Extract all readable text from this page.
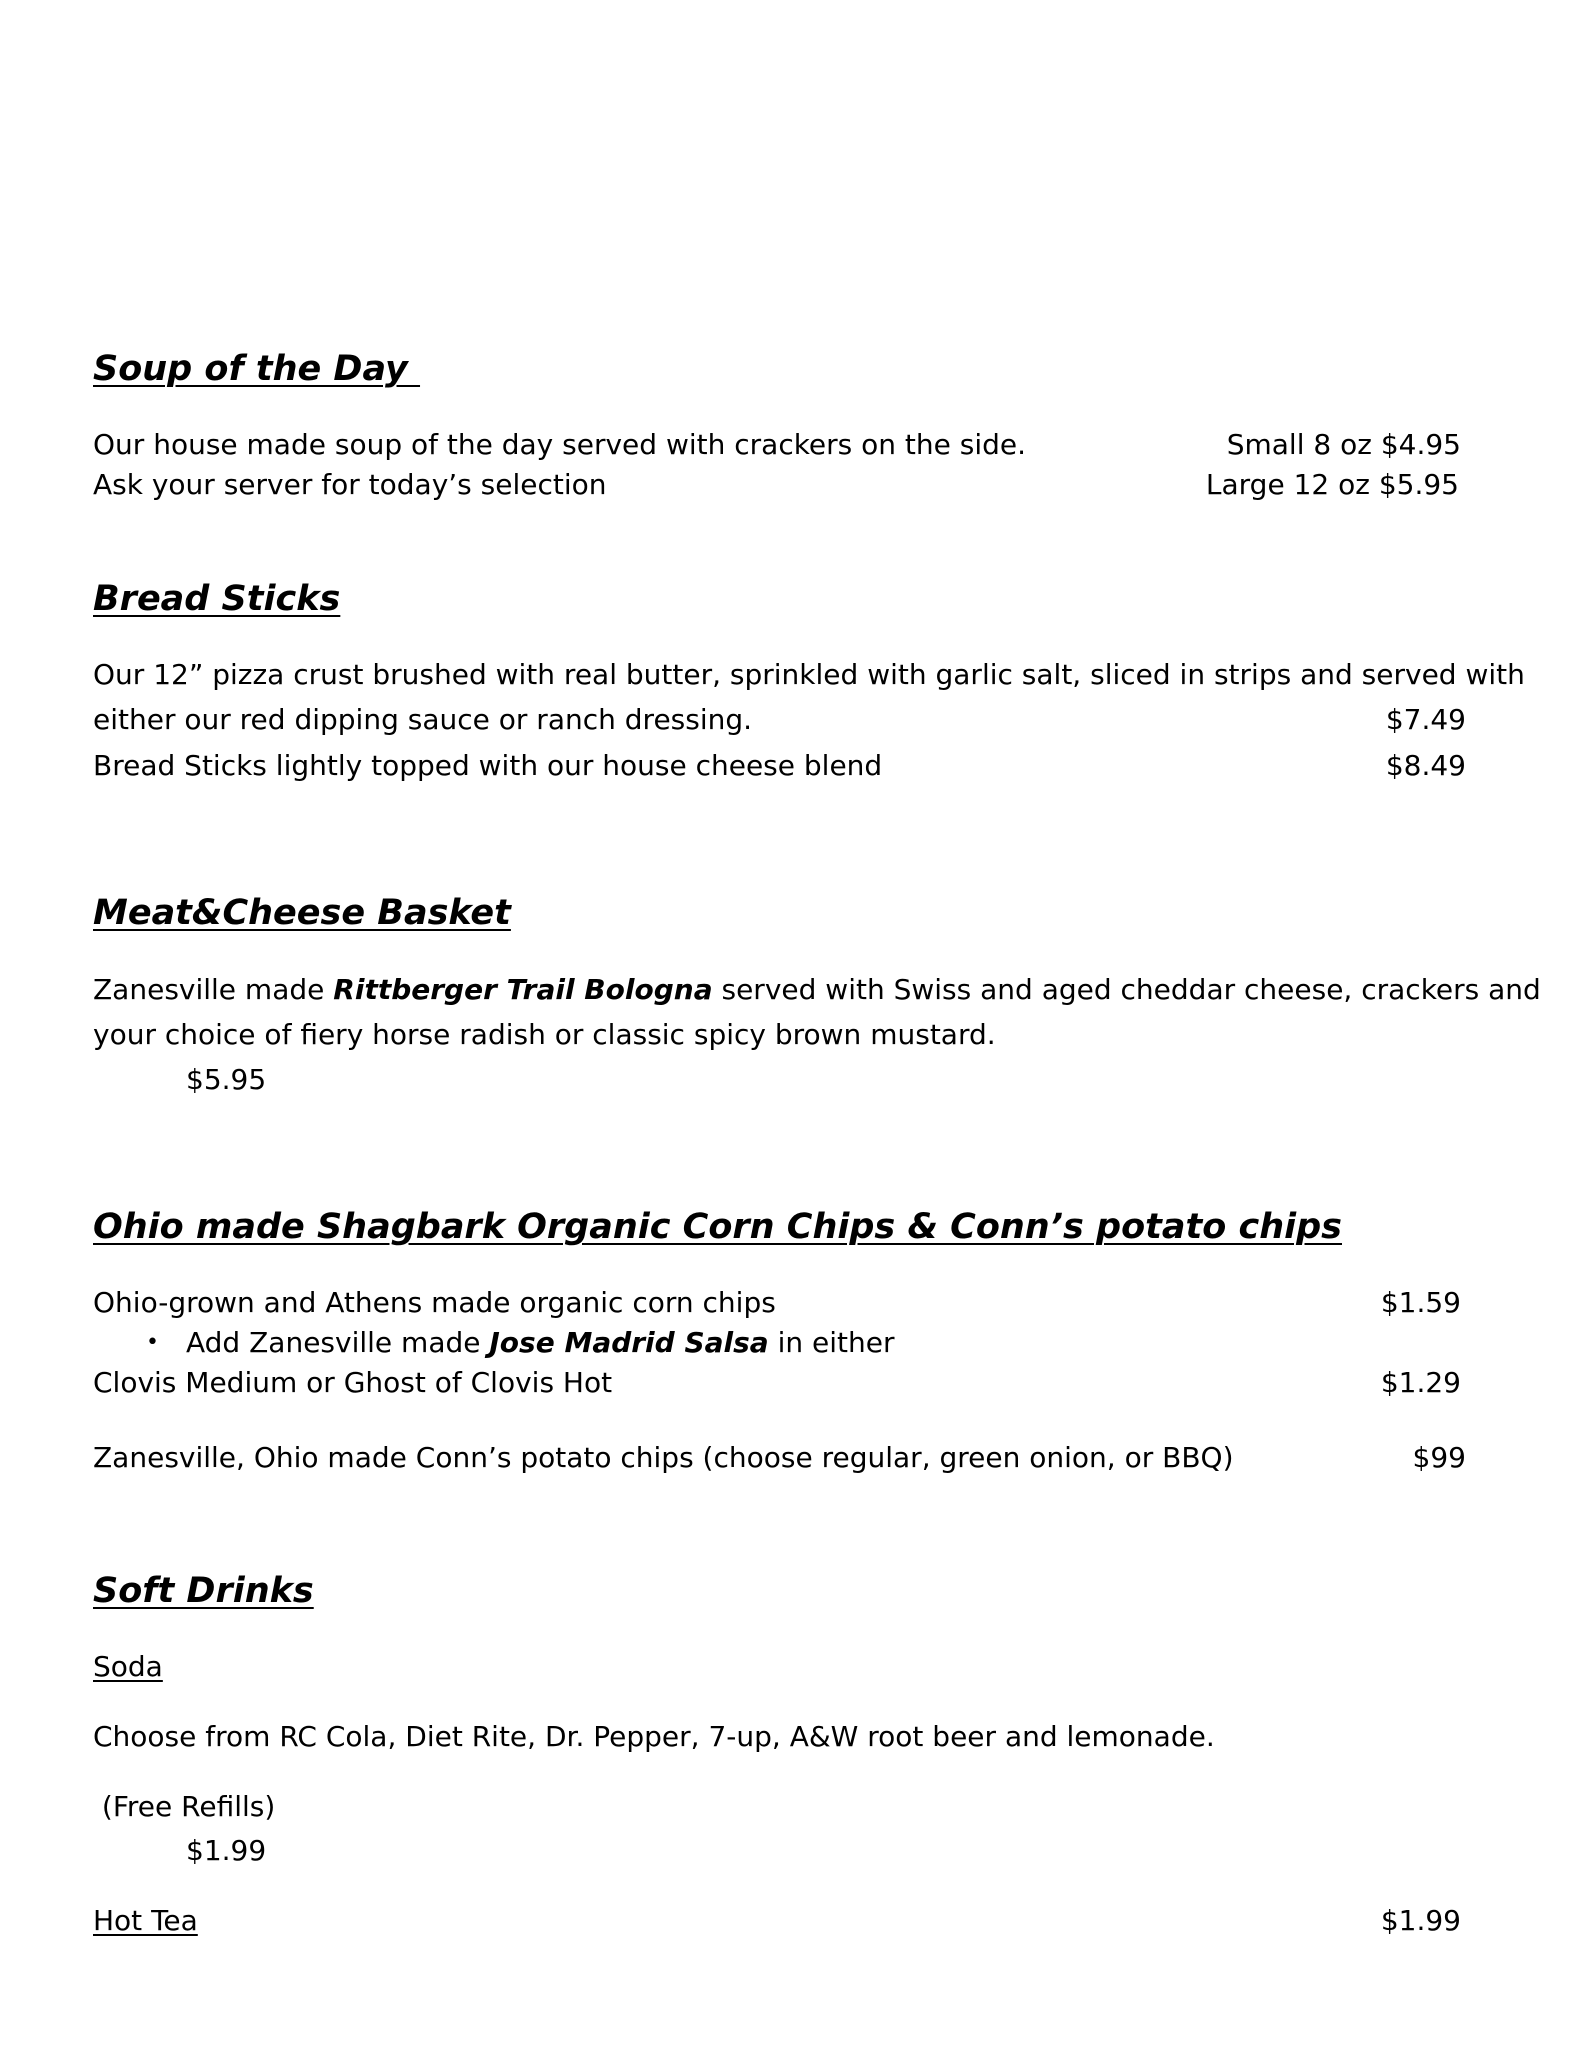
Soup of the Day
Our house made soup of the day served with crackers on the side.	Small 8 oz $4.95
Ask your server for today’s selection	Large 12 oz $5.95
Bread Sticks
Our 12” pizza crust brushed with real butter, sprinkled with garlic salt, sliced in strips and served with
either our red dipping sauce or ranch dressing.	$7.49
Bread Sticks lightly topped with our house cheese blend	$8.49
Meat&Cheese Basket
Zanesville made Rittberger Trail Bologna served with Swiss and aged cheddar cheese, crackers and
your choice of fiery horse radish or classic spicy brown mustard.
$5.95
Ohio made Shagbark Organic Corn Chips & Conn’s potato chips
Ohio-grown and Athens made organic corn chips	$1.59
• Add Zanesville made Jose Madrid Salsa in either
Clovis Medium or Ghost of Clovis Hot	$1.29
Zanesville, Ohio made Conn’s potato chips (choose regular, green onion, or BBQ)	$99
Soft Drinks
Soda
Choose from RC Cola, Diet Rite, Dr. Pepper, 7-up, A&W root beer and lemonade.
(Free Refills)
$1.99
Hot Tea	$1.99
